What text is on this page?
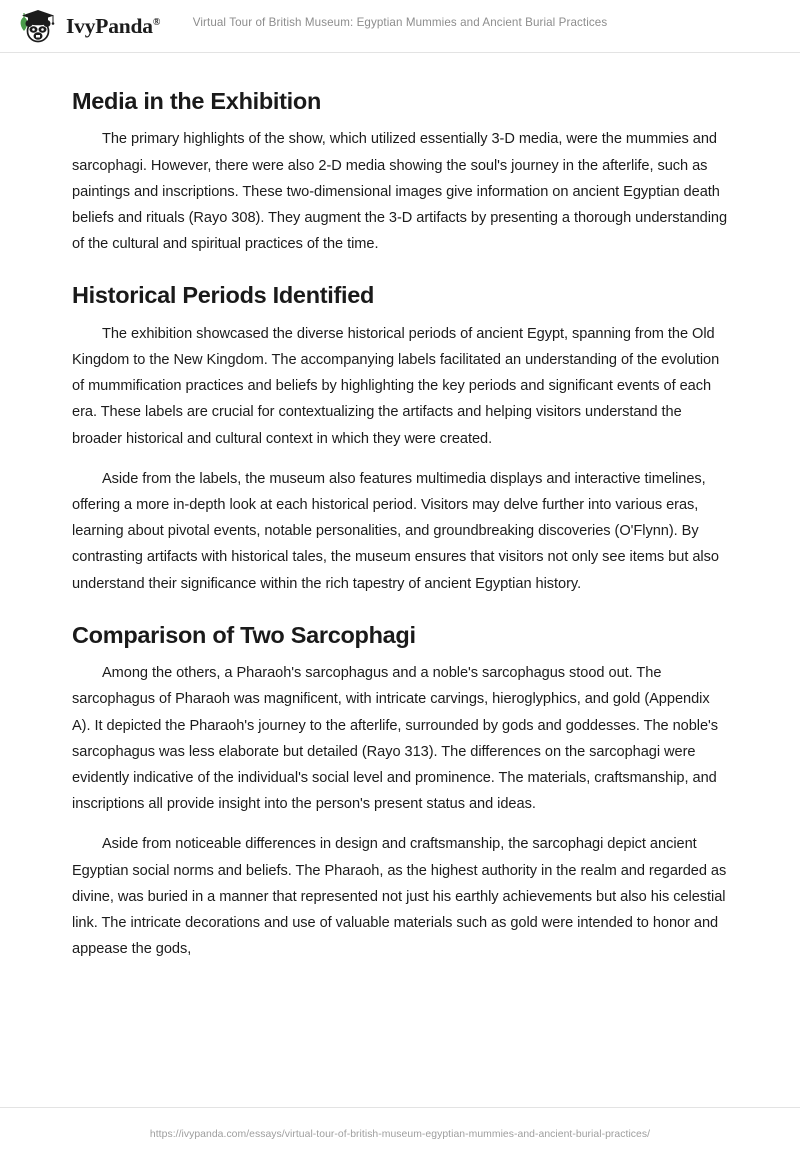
IvyPanda®	Virtual Tour of British Museum: Egyptian Mummies and Ancient Burial Practices
Media in the Exhibition

The primary highlights of the show, which utilized essentially 3-D media, were the mummies and sarcophagi. However, there were also 2-D media showing the soul's journey in the afterlife, such as paintings and inscriptions. These two-dimensional images give information on ancient Egyptian death beliefs and rituals (Rayo 308). They augment the 3-D artifacts by presenting a thorough understanding of the cultural and spiritual practices of the time.

Historical Periods Identified

The exhibition showcased the diverse historical periods of ancient Egypt, spanning from the Old Kingdom to the New Kingdom. The accompanying labels facilitated an understanding of the evolution of mummification practices and beliefs by highlighting the key periods and significant events of each era. These labels are crucial for contextualizing the artifacts and helping visitors understand the broader historical and cultural context in which they were created.

Aside from the labels, the museum also features multimedia displays and interactive timelines, offering a more in-depth look at each historical period. Visitors may delve further into various eras, learning about pivotal events, notable personalities, and groundbreaking discoveries (O'Flynn). By contrasting artifacts with historical tales, the museum ensures that visitors not only see items but also understand their significance within the rich tapestry of ancient Egyptian history.

Comparison of Two Sarcophagi

Among the others, a Pharaoh's sarcophagus and a noble's sarcophagus stood out. The sarcophagus of Pharaoh was magnificent, with intricate carvings, hieroglyphics, and gold (Appendix A). It depicted the Pharaoh's journey to the afterlife, surrounded by gods and goddesses. The noble's sarcophagus was less elaborate but detailed (Rayo 313). The differences on the sarcophagi were evidently indicative of the individual's social level and prominence. The materials, craftsmanship, and inscriptions all provide insight into the person's present status and ideas.

Aside from noticeable differences in design and craftsmanship, the sarcophagi depict ancient Egyptian social norms and beliefs. The Pharaoh, as the highest authority in the realm and regarded as divine, was buried in a manner that represented not just his earthly achievements but also his celestial link. The intricate decorations and use of valuable materials such as gold were intended to honor and appease the gods,

https://ivypanda.com/essays/virtual-tour-of-british-museum-egyptian-mummies-and-ancient-burial-practices/
